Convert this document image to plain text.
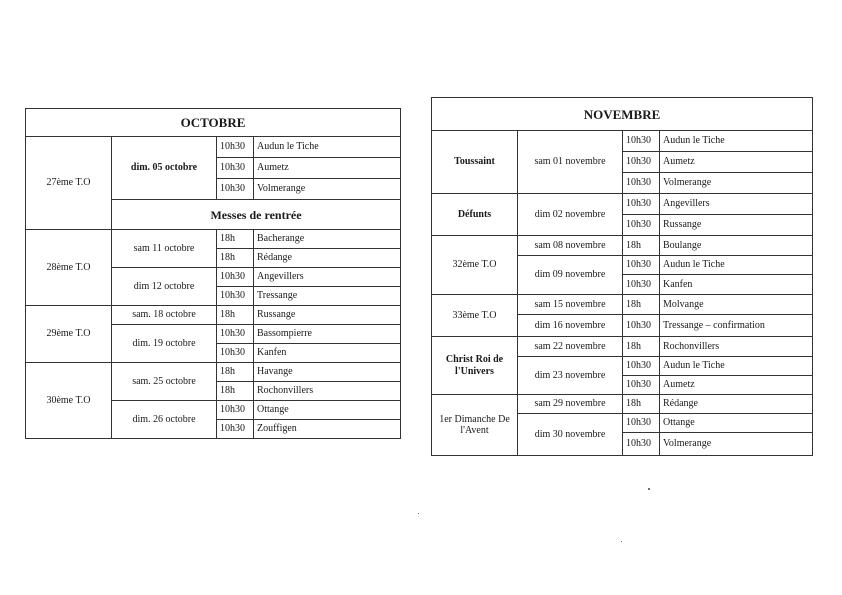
OCTOBRE			
27ème T.O	dim. 05 octobre	10h30	Audun le Tiche
		10h30	Aumetz
		10h30	Volmerange
	Messes de rentrée		
28ème T.O	sam 11 octobre	18h	Bacherange
		18h	Rédange
	dim 12 octobre	10h30	Angevillers
		10h30	Tressange
29ème T.O	sam. 18 octobre	18h	Russange
	dim. 19 octobre	10h30	Bassompierre
		10h30	Kanfen
30ème T.O	sam. 25 octobre	18h	Havange
		18h	Rochonvillers
	dim. 26 octobre	10h30	Ottange
		10h30	Zouffigen
NOVEMBRE			
Toussaint	sam 01 novembre	10h30	Audun le Tiche
		10h30	Aumetz
		10h30	Volmerange
Défunts	dim 02 novembre	10h30	Angevillers
		10h30	Russange
32ème T.O	sam 08 novembre	18h	Boulange
	dim 09 novembre	10h30	Audun le Tiche
		10h30	Kanfen
33ème T.O	sam 15 novembre	18h	Molvange
	dim 16 novembre	10h30	Tressange – confirmation
Christ Roi de l'Univers	sam 22 novembre	18h	Rochonvillers
	dim 23 novembre	10h30	Audun le Tiche
		10h30	Aumetz
1er Dimanche De l'Avent	sam 29 novembre	18h	Rédange
	dim 30 novembre	10h30	Ottange
		10h30	Volmerange
